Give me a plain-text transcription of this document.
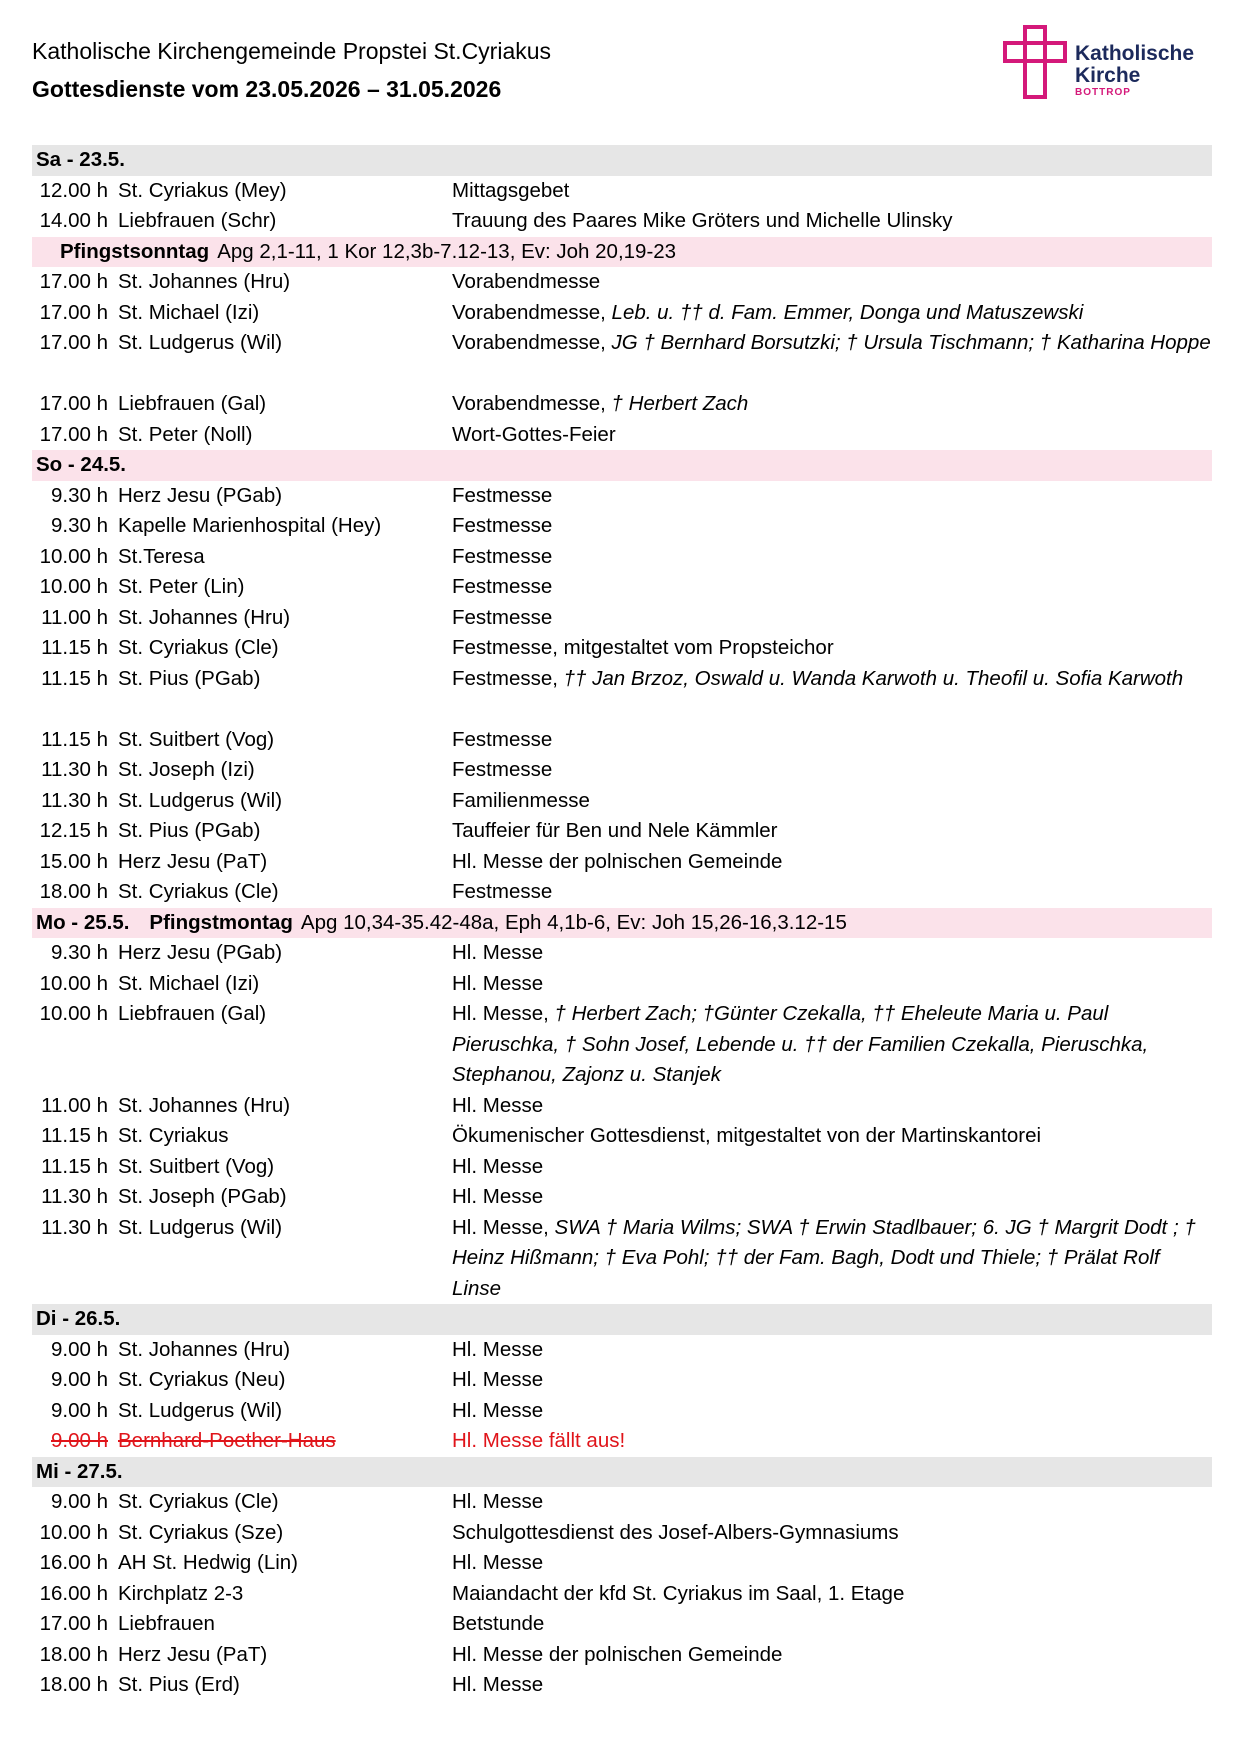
Katholische Kirchengemeinde Propstei St.Cyriakus
Gottesdienste vom 23.05.2026 – 31.05.2026
Katholische
Kirche
BOTTROP
Sa - 23.5.
12.00 h St. Cyriakus (Mey)	Mittagsgebet
14.00 h Liebfrauen (Schr)	Trauung des Paares Mike Gröters und Michelle Ulinsky
Pfingstsonntag Apg 2,1-11, 1 Kor 12,3b-7.12-13, Ev: Joh 20,19-23
17.00 h St. Johannes (Hru)	Vorabendmesse
17.00 h St. Michael (Izi)	Vorabendmesse, Leb. u. †† d. Fam. Emmer, Donga und Matuszewski
17.00 h St. Ludgerus (Wil)	Vorabendmesse, JG † Bernhard Borsutzki; † Ursula Tischmann; † Katharina Hoppe
17.00 h Liebfrauen (Gal)	Vorabendmesse, † Herbert Zach
17.00 h St. Peter (Noll)	Wort-Gottes-Feier
So - 24.5.
9.30 h Herz Jesu (PGab)	Festmesse
9.30 h Kapelle Marienhospital (Hey)	Festmesse
10.00 h St.Teresa	Festmesse
10.00 h St. Peter (Lin)	Festmesse
11.00 h St. Johannes (Hru)	Festmesse
11.15 h St. Cyriakus (Cle)	Festmesse, mitgestaltet vom Propsteichor
11.15 h St. Pius (PGab)	Festmesse, †† Jan Brzoz, Oswald u. Wanda Karwoth u. Theofil u. Sofia Karwoth
11.15 h St. Suitbert (Vog)	Festmesse
11.30 h St. Joseph (Izi)	Festmesse
11.30 h St. Ludgerus (Wil)	Familienmesse
12.15 h St. Pius (PGab)	Tauffeier für Ben und Nele Kämmler
15.00 h Herz Jesu (PaT)	Hl. Messe der polnischen Gemeinde
18.00 h St. Cyriakus (Cle)	Festmesse
Mo - 25.5. Pfingstmontag Apg 10,34-35.42-48a, Eph 4,1b-6, Ev: Joh 15,26-16,3.12-15
9.30 h Herz Jesu (PGab)	Hl. Messe
10.00 h St. Michael (Izi)	Hl. Messe
10.00 h Liebfrauen (Gal)	Hl. Messe, † Herbert Zach; †Günter Czekalla, †† Eheleute Maria u. Paul Pieruschka, † Sohn Josef, Lebende u. †† der Familien Czekalla, Pieruschka, Stephanou, Zajonz u. Stanjek
11.00 h St. Johannes (Hru)	Hl. Messe
11.15 h St. Cyriakus	Ökumenischer Gottesdienst, mitgestaltet von der Martinskantorei
11.15 h St. Suitbert (Vog)	Hl. Messe
11.30 h St. Joseph (PGab)	Hl. Messe
11.30 h St. Ludgerus (Wil)	Hl. Messe, SWA † Maria Wilms; SWA † Erwin Stadlbauer; 6. JG † Margrit Dodt ; † Heinz Hißmann; † Eva Pohl; †† der Fam. Bagh, Dodt und Thiele; † Prälat Rolf Linse
Di - 26.5.
9.00 h St. Johannes (Hru)	Hl. Messe
9.00 h St. Cyriakus (Neu)	Hl. Messe
9.00 h St. Ludgerus (Wil)	Hl. Messe
9.00 h Bernhard-Poether-Haus	Hl. Messe fällt aus!
Mi - 27.5.
9.00 h St. Cyriakus (Cle)	Hl. Messe
10.00 h St. Cyriakus (Sze)	Schulgottesdienst des Josef-Albers-Gymnasiums
16.00 h AH St. Hedwig (Lin)	Hl. Messe
16.00 h Kirchplatz 2-3	Maiandacht der kfd St. Cyriakus im Saal, 1. Etage
17.00 h Liebfrauen	Betstunde
18.00 h Herz Jesu (PaT)	Hl. Messe der polnischen Gemeinde
18.00 h St. Pius (Erd)	Hl. Messe
